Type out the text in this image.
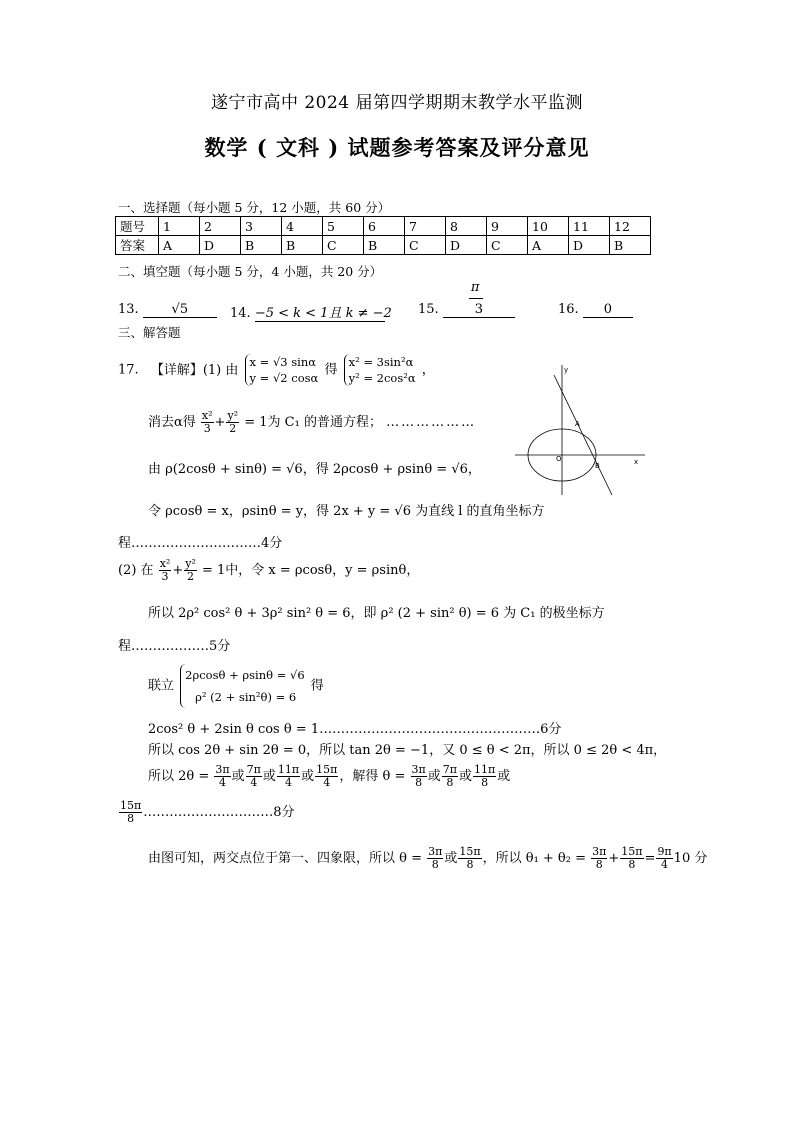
遂宁市高中 2024 届第四学期期末教学水平监测
数学 ( 文科 ) 试题参考答案及评分意见
一、选择题（每小题 5 分，12 小题，共 60 分）
题号	1	2	3	4	5	6	7	8	9	10	11	12
答案	A	D	B	B	C	B	C	D	C	A	D	B
二、填空题（每小题 5 分，4 小题，共 20 分）
13.	√5	14. −5 < k < 1且 k ≠ −2 15. $\frac{\pi}{3}$	16. 0
三、解答题
17. 【详解】(1) 由 x = √3 sinα
y = √2 cosα 得 x² = 3sin²α
y² = 2cos²α ，
消去α得 $\frac{\text{x²}}{3} + \frac{\text{y²}}{2} = 1$为 C₁ 的普通方程； ………………
由 ρ(2cosθ + sinθ) = √6，得 2ρcosθ + ρsinθ = √6，
令 ρcosθ = x，ρsinθ = y，得 2x + y = √6 为直线 l 的直角坐标方
程…………………………4分
(2) 在 $\frac{\text{x²}}{3} + \frac{\text{y²}}{2} = 1$中，令 x = ρcosθ，y = ρsinθ，
所以 2ρ² cos² θ + 3ρ² sin² θ = 6，即 ρ² (2 + sin² θ) = 6 为 C₁ 的极坐标方
程………………5分
联立 2ρcosθ + ρsinθ = √6
ρ² (2 + sin²θ) = 6 得
2cos² θ + 2sin θ cos θ = 1……………………………………………6分
所以 cos 2θ + sin 2θ = 0，所以 tan 2θ = −1，又 0 ≤ θ < 2π，所以 0 ≤ 2θ < 4π，
所以 $2\theta = \frac{3\pi}{4}$ 或 $\frac{7\pi}{4}$ 或 $\frac{11\pi}{4}$ 或 $\frac{15\pi}{4}$ ，解得 $\theta = \frac{3\pi}{8}$ 或 $\frac{7\pi}{8}$ 或 $\frac{11\pi}{8}$ 或
$\frac{15\pi}{8}$ …………………………8分
由图可知，两交点位于第一、四象限，所以 $\theta = \frac{3\pi}{8}$ 或 $\frac{15\pi}{8}$ ，所以 $\theta_1 + \theta_2 = \frac{3\pi}{8} + \frac{15\pi}{8} = \frac{9\pi}{4} 10$ 分
y
x
O
A
B
